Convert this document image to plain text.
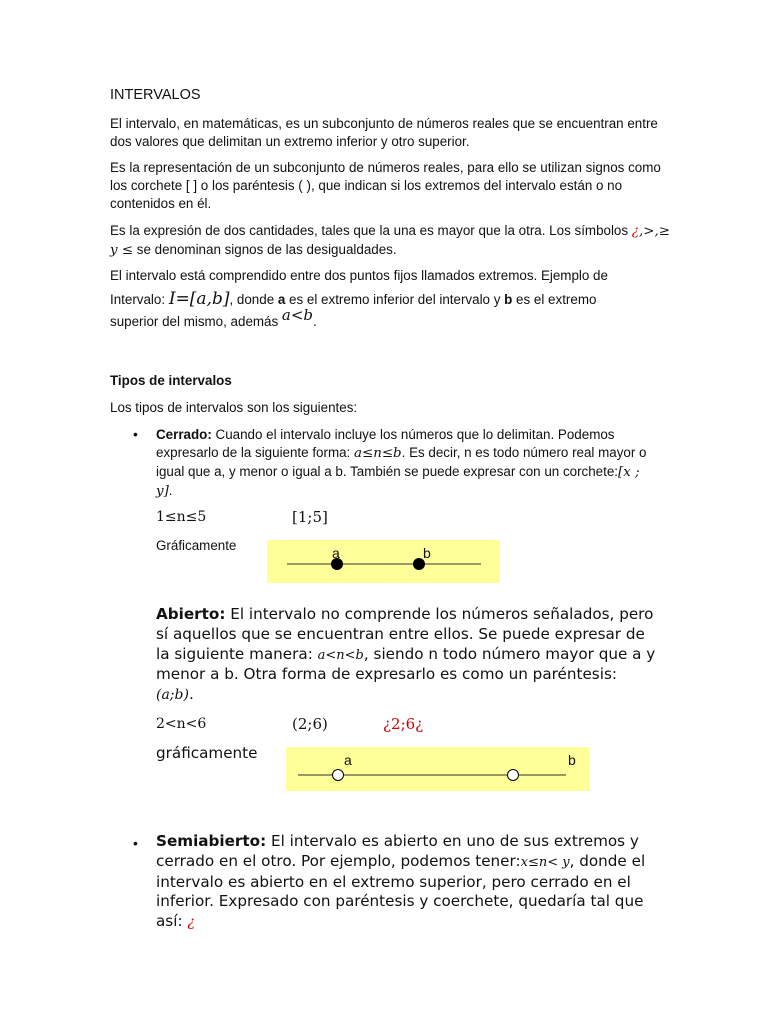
INTERVALOS

El intervalo, en matemáticas, es un subconjunto de números reales que se encuentran entre dos valores que delimitan un extremo inferior y otro superior.

Es la representación de un subconjunto de números reales, para ello se utilizan signos como los corchete [ ] o los paréntesis ( ), que indican si los extremos del intervalo están o no contenidos en él.

Es la expresión de dos cantidades, tales que la una es mayor que la otra. Los símbolos ¿,>,≥ y ≤ se denominan signos de las desigualdades.

El intervalo está comprendido entre dos puntos fijos llamados extremos. Ejemplo de

Intervalo: I=[a,b], donde a es el extremo inferior del intervalo y b es el extremo

superior del mismo, además a<b.

Tipos de intervalos
Los tipos de intervalos son los siguientes:
• Cerrado: Cuando el intervalo incluye los números que lo delimitan. Podemos expresarlo de la siguiente forma: a≤n≤b. Es decir, n es todo número real mayor o igual que a, y menor o igual a b. También se puede expresar con un corchete:[x ; y].

1≤n≤5	[1;5]
Gráficamente	a	b

Abierto: El intervalo no comprende los números señalados, pero sí aquellos que se encuentran entre ellos. Se puede expresar de la siguiente manera: a<n<b, siendo n todo número mayor que a y menor a b. Otra forma de expresarlo es como un paréntesis: (a;b).

2<n<6	(2;6)	¿2;6¿
gráficamente	a	b
• Semiabierto: El intervalo es abierto en uno de sus extremos y cerrado en el otro. Por ejemplo, podemos tener:x≤n< y, donde el intervalo es abierto en el extremo superior, pero cerrado en el inferior. Expresado con paréntesis y coerchete, quedaría tal que así: ¿
